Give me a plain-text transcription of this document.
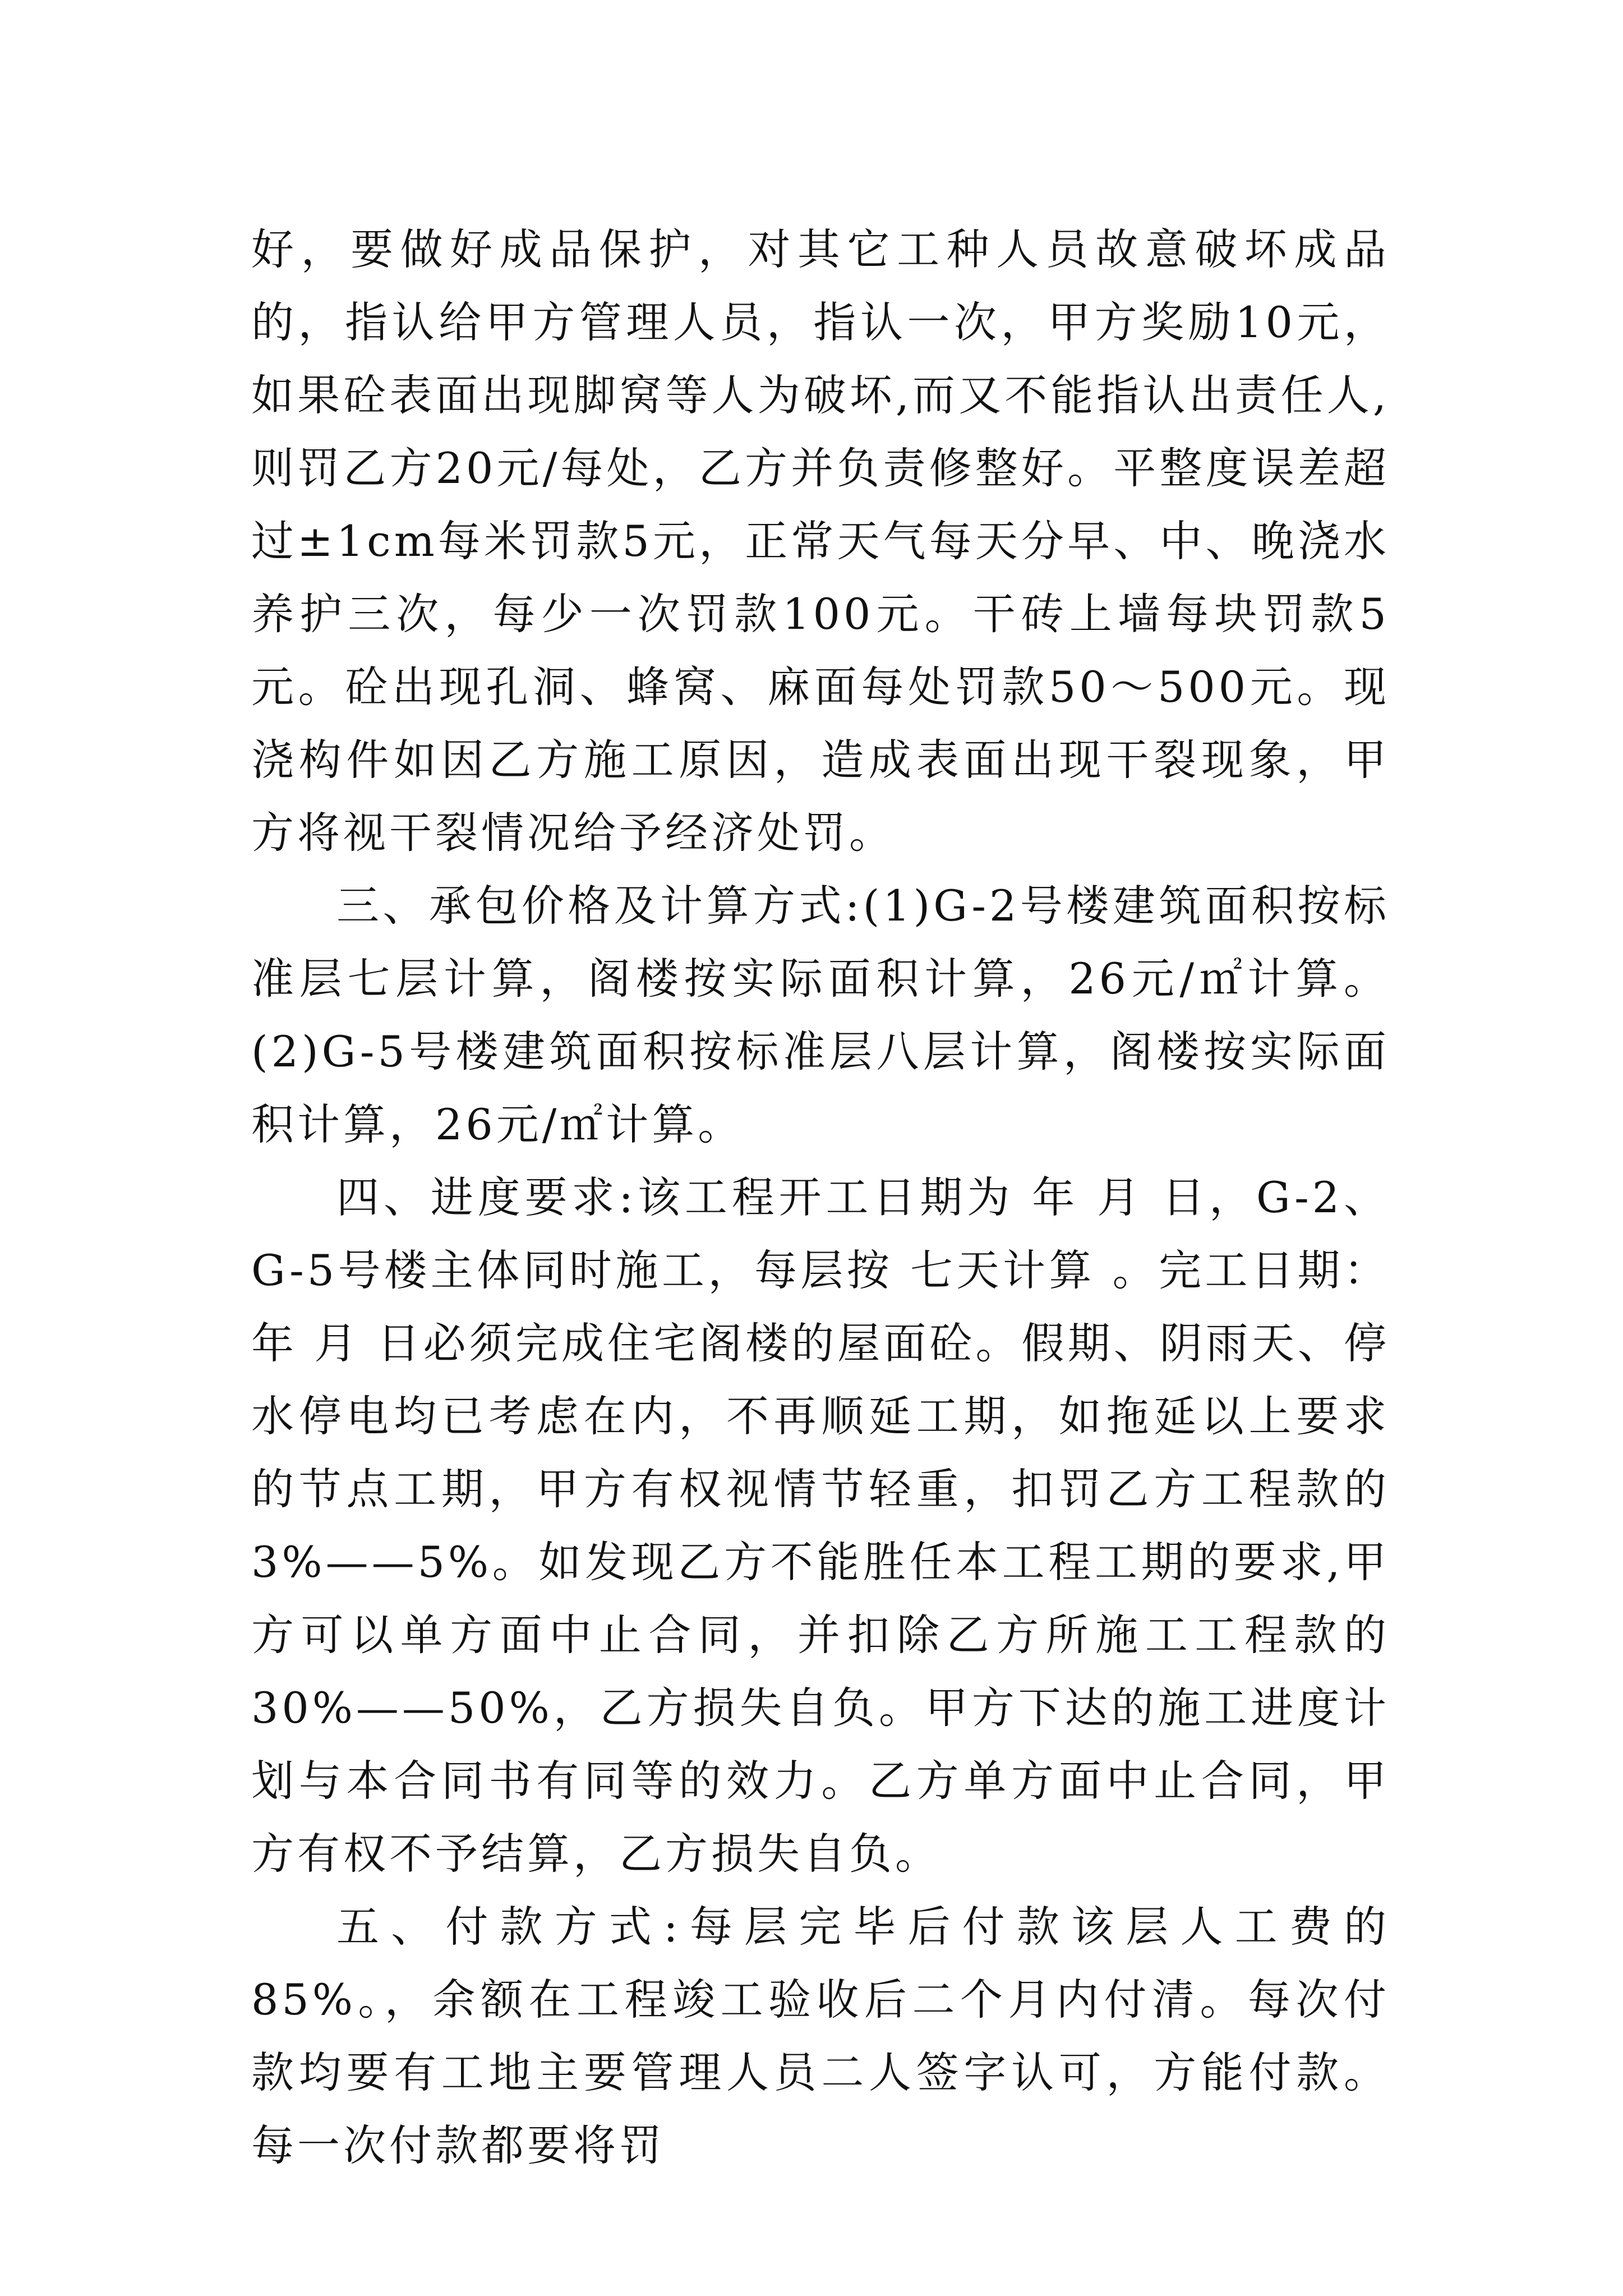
好，要做好成品保护，对其它工种人员故意破坏成品的，指认给甲方管理人员，指认一次，甲方奖励10元，如果砼表面出现脚窝等人为破坏,而又不能指认出责任人,则罚乙方20元/每处，乙方并负责修整好。平整度误差超过±1cm每米罚款5元，正常天气每天分早、中、晚浇水养护三次，每少一次罚款100元。干砖上墙每块罚款5元。砼出现孔洞、蜂窝、麻面每处罚款50～500元。现浇构件如因乙方施工原因，造成表面出现干裂现象，甲方将视干裂情况给予经济处罚。

三、承包价格及计算方式:(1)G-2号楼建筑面积按标准层七层计算，阁楼按实际面积计算，26元/㎡计算。(2)G-5号楼建筑面积按标准层八层计算，阁楼按实际面积计算，26元/㎡计算。

四、进度要求:该工程开工日期为 年 月 日，G-2、G-5号楼主体同时施工，每层按 七天计算 。完工日期： 年 月 日必须完成住宅阁楼的屋面砼。假期、阴雨天、停水停电均已考虑在内，不再顺延工期，如拖延以上要求的节点工期，甲方有权视情节轻重，扣罚乙方工程款的3%——5%。如发现乙方不能胜任本工程工期的要求,甲方可以单方面中止合同，并扣除乙方所施工工程款的30%——50%，乙方损失自负。甲方下达的施工进度计划与本合同书有同等的效力。乙方单方面中止合同，甲方有权不予结算，乙方损失自负。

五、付款方式:每层完毕后付款该层人工费的85%。，余额在工程竣工验收后二个月内付清。每次付款均要有工地主要管理人员二人签字认可，方能付款。每一次付款都要将罚
